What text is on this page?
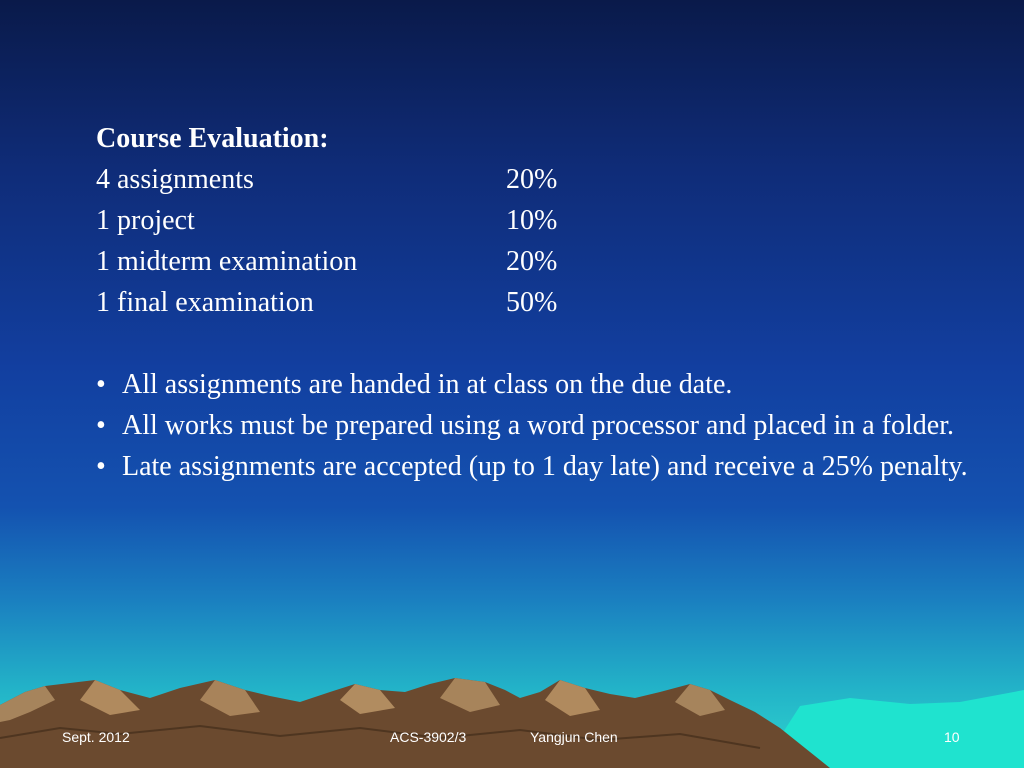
Course Evaluation:
4 assignments	20%
1 project	10%
1 midterm examination	20%
1 final examination	50%
• All assignments are handed in at class on the due date.
• All works must be prepared using a word processor and placed in a folder.
• Late assignments are accepted (up to 1 day late) and receive a 25% penalty.
Sept. 2012	ACS-3902/3	Yangjun Chen	10
